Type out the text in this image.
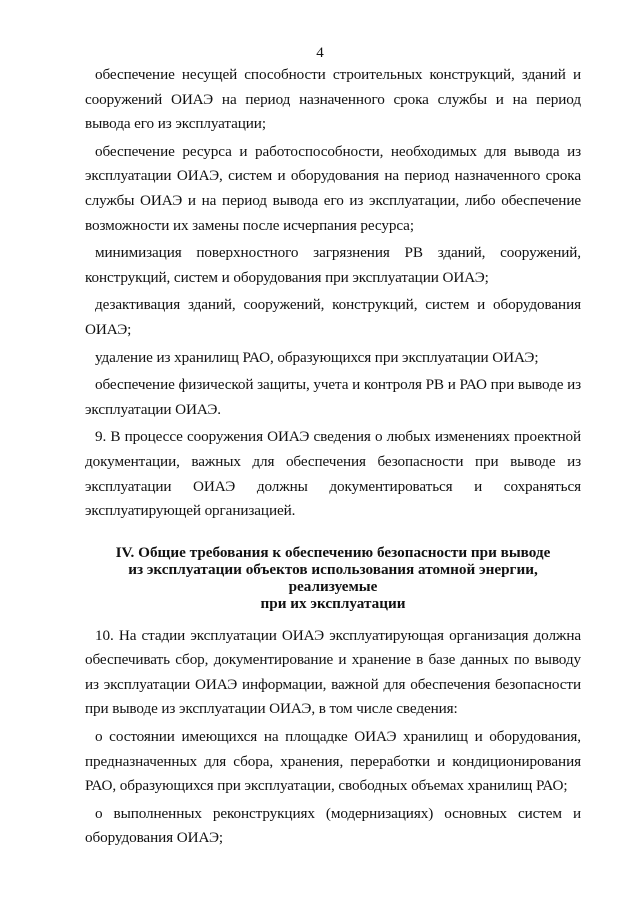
4

обеспечение несущей способности строительных конструкций, зданий и сооружений ОИАЭ на период назначенного срока службы и на период вывода его из эксплуатации;

обеспечение ресурса и работоспособности, необходимых для вывода из эксплуатации ОИАЭ, систем и оборудования на период назначенного срока службы ОИАЭ и на период вывода его из эксплуатации, либо обеспечение возможности их замены после исчерпания ресурса;

минимизация поверхностного загрязнения РВ зданий, сооружений, конструкций, систем и оборудования при эксплуатации ОИАЭ;

дезактивация зданий, сооружений, конструкций, систем и оборудования ОИАЭ;

удаление из хранилищ РАО, образующихся при эксплуатации ОИАЭ;

обеспечение физической защиты, учета и контроля РВ и РАО при выводе из эксплуатации ОИАЭ.

9. В процессе сооружения ОИАЭ сведения о любых изменениях проектной документации, важных для обеспечения безопасности при выводе из эксплуатации ОИАЭ должны документироваться и сохраняться эксплуатирующей организацией.

IV. Общие требования к обеспечению безопасности при выводе
из эксплуатации объектов использования атомной энергии, реализуемые
при их эксплуатации

10. На стадии эксплуатации ОИАЭ эксплуатирующая организация должна обеспечивать сбор, документирование и хранение в базе данных по выводу из эксплуатации ОИАЭ информации, важной для обеспечения безопасности при выводе из эксплуатации ОИАЭ, в том числе сведения:

о состоянии имеющихся на площадке ОИАЭ хранилищ и оборудования, предназначенных для сбора, хранения, переработки и кондиционирования РАО, образующихся при эксплуатации, свободных объемах хранилищ РАО;

о выполненных реконструкциях (модернизациях) основных систем и оборудования ОИАЭ;
